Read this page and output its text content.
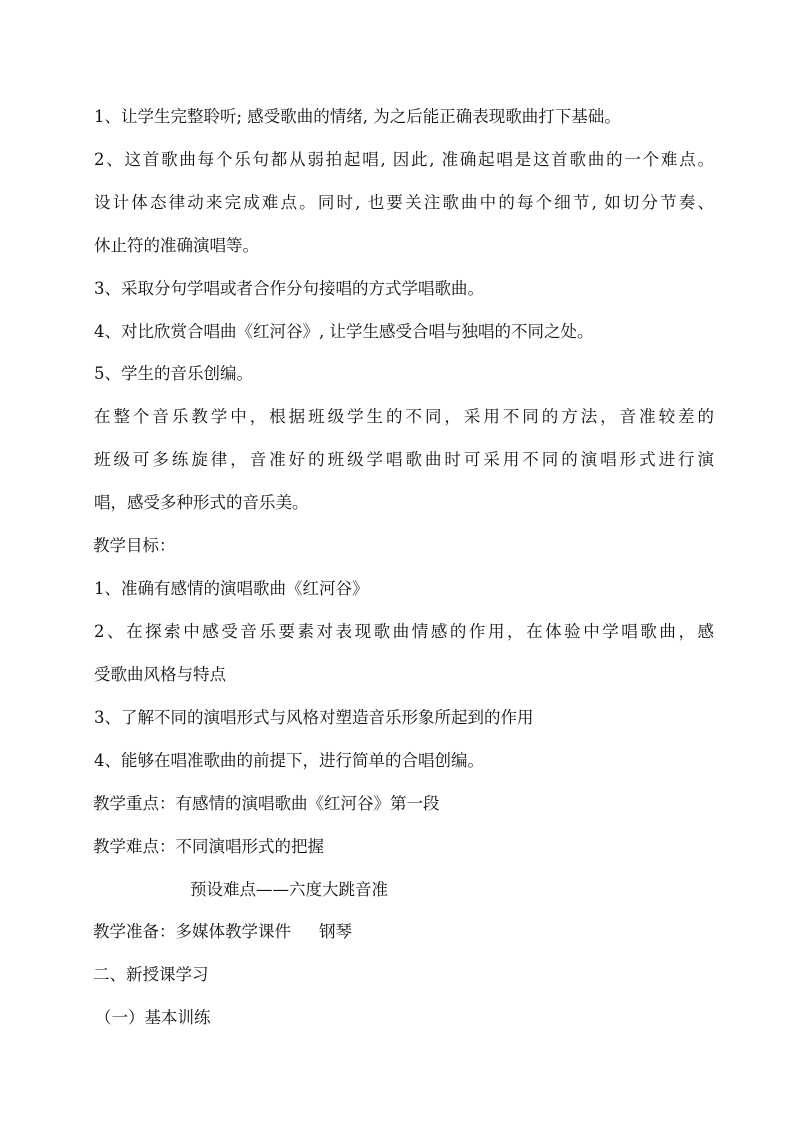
1、让学生完整聆听; 感受歌曲的情绪, 为之后能正确表现歌曲打下基础。
2、这首歌曲每个乐句都从弱拍起唱, 因此, 准确起唱是这首歌曲的一个难点。
设计体态律动来完成难点。同时, 也要关注歌曲中的每个细节, 如切分节奏、
休止符的准确演唱等。
3、采取分句学唱或者合作分句接唱的方式学唱歌曲。
4、对比欣赏合唱曲《红河谷》, 让学生感受合唱与独唱的不同之处。
5、学生的音乐创编。
在整个音乐教学中，根据班级学生的不同，采用不同的方法，音准较差的
班级可多练旋律，音准好的班级学唱歌曲时可采用不同的演唱形式进行演
唱，感受多种形式的音乐美。
教学目标：
1、准确有感情的演唱歌曲《红河谷》
2、在探索中感受音乐要素对表现歌曲情感的作用，在体验中学唱歌曲，感
受歌曲风格与特点
3、了解不同的演唱形式与风格对塑造音乐形象所起到的作用
4、能够在唱准歌曲的前提下，进行简单的合唱创编。
教学重点：有感情的演唱歌曲《红河谷》第一段
教学难点：不同演唱形式的把握
预设难点——六度大跳音准
教学准备：多媒体教学课件 钢琴
二、新授课学习
（一）基本训练
